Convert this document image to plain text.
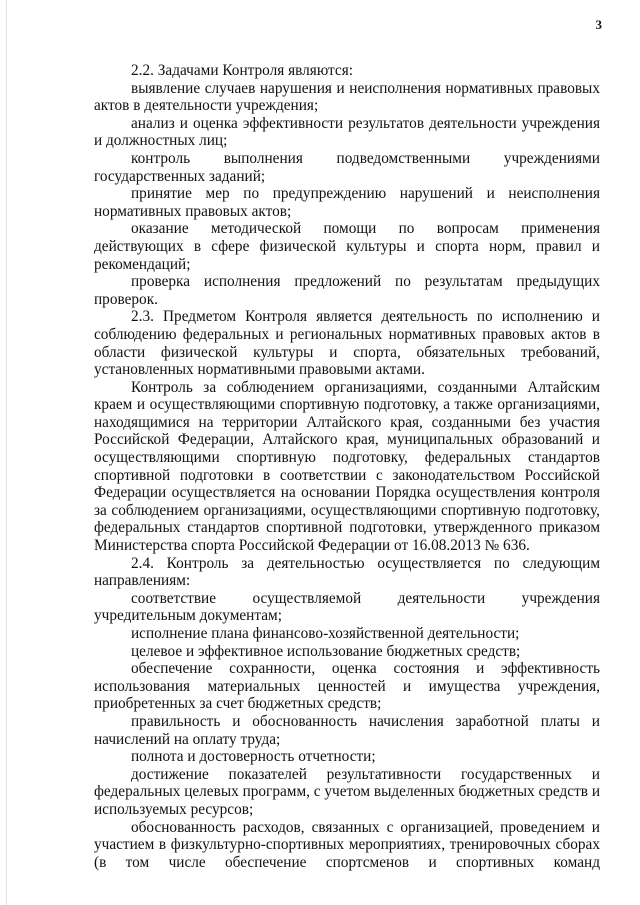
3

2.2. Задачами Контроля являются:

выявление случаев нарушения и неисполнения нормативных правовых актов в деятельности учреждения;

анализ и оценка эффективности результатов деятельности учреждения и должностных лиц;

контроль выполнения подведомственными учреждениями государственных заданий;

принятие мер по предупреждению нарушений и неисполнения нормативных правовых актов;

оказание методической помощи по вопросам применения действующих в сфере физической культуры и спорта норм, правил и рекомендаций;

проверка исполнения предложений по результатам предыдущих проверок.

2.3. Предметом Контроля является деятельность по исполнению и соблюдению федеральных и региональных нормативных правовых актов в области физической культуры и спорта, обязательных требований, установленных нормативными правовыми актами.

Контроль за соблюдением организациями, созданными Алтайским краем и осуществляющими спортивную подготовку, а также организациями, находящимися на территории Алтайского края, созданными без участия Российской Федерации, Алтайского края, муниципальных образований и осуществляющими спортивную подготовку, федеральных стандартов спортивной подготовки в соответствии с законодательством Российской Федерации осуществляется на основании Порядка осуществления контроля за соблюдением организациями, осуществляющими спортивную подготовку, федеральных стандартов спортивной подготовки, утвержденного приказом Министерства спорта Российской Федерации от 16.08.2013 № 636.

2.4. Контроль за деятельностью осуществляется по следующим направлениям:

соответствие осуществляемой деятельности учреждения учредительным документам;

исполнение плана финансово-хозяйственной деятельности;

целевое и эффективное использование бюджетных средств;

обеспечение сохранности, оценка состояния и эффективность использования материальных ценностей и имущества учреждения, приобретенных за счет бюджетных средств;

правильность и обоснованность начисления заработной платы и начислений на оплату труда;

полнота и достоверность отчетности;

достижение показателей результативности государственных и федеральных целевых программ, с учетом выделенных бюджетных средств и используемых ресурсов;

обоснованность расходов, связанных с организацией, проведением и участием в физкультурно-спортивных мероприятиях, тренировочных сборах (в том числе обеспечение спортсменов и спортивных команд
